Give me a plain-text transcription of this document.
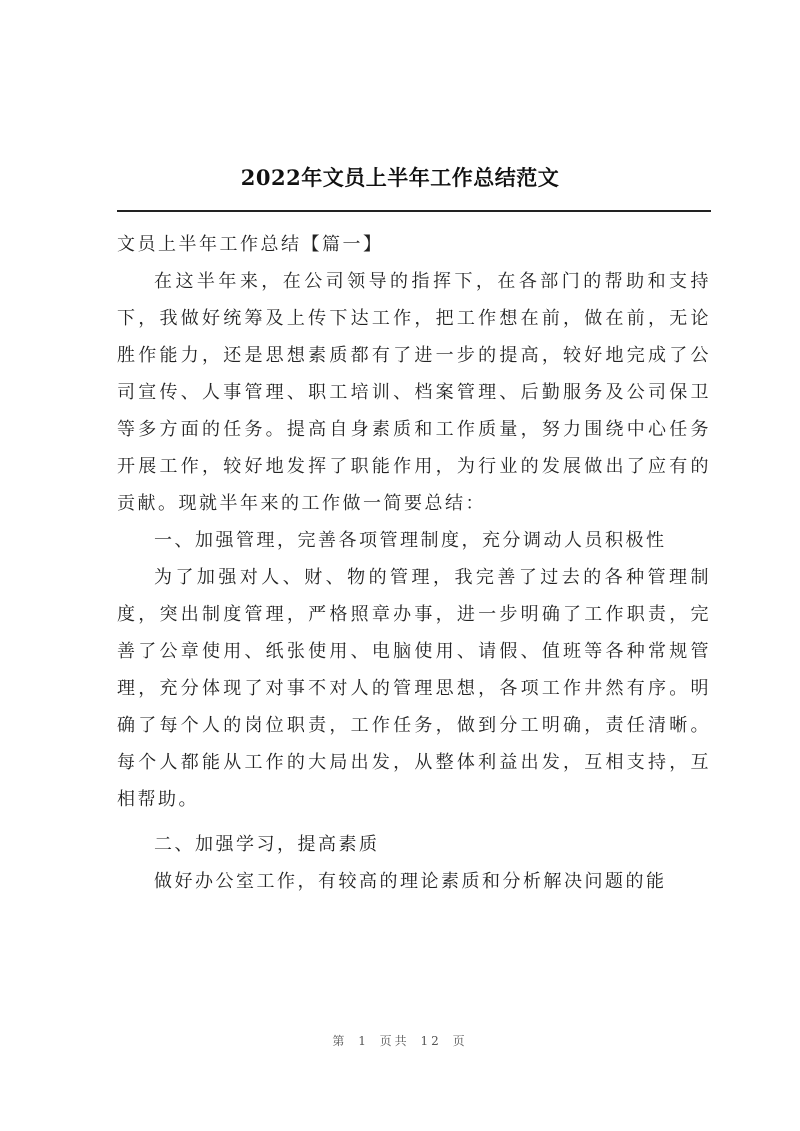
2022年文员上半年工作总结范文

文员上半年工作总结【篇一】

在这半年来，在公司领导的指挥下，在各部门的帮助和支持下，我做好统筹及上传下达工作，把工作想在前，做在前，无论胜作能力，还是思想素质都有了进一步的提高，较好地完成了公司宣传、人事管理、职工培训、档案管理、后勤服务及公司保卫等多方面的任务。提高自身素质和工作质量，努力围绕中心任务开展工作，较好地发挥了职能作用，为行业的发展做出了应有的贡献。现就半年来的工作做一简要总结：

一、加强管理，完善各项管理制度，充分调动人员积极性

为了加强对人、财、物的管理，我完善了过去的各种管理制度，突出制度管理，严格照章办事，进一步明确了工作职责，完善了公章使用、纸张使用、电脑使用、请假、值班等各种常规管理，充分体现了对事不对人的管理思想，各项工作井然有序。明确了每个人的岗位职责，工作任务，做到分工明确，责任清晰。每个人都能从工作的大局出发，从整体利益出发，互相支持，互相帮助。

二、加强学习，提高素质

做好办公室工作，有较高的理论素质和分析解决问题的能

第 1 页共 12 页
